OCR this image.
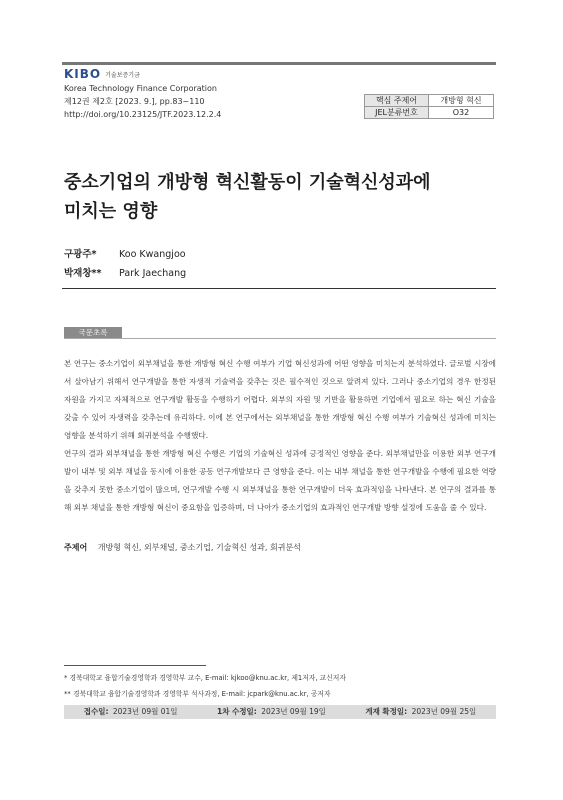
KIBO 기술보증기금
Korea Technology Finance Corporation
제12권 제2호 [2023. 9.], pp.83~110
http://doi.org/10.23125/JTF.2023.12.2.4
핵심 주제어	개방형 혁신
JEL분류번호	O32
중소기업의 개방형 혁신활동이 기술혁신성과에
미치는 영향
구광주* Koo Kwangjoo
박재창** Park Jaechang
국문초록

본 연구는 중소기업이 외부채널을 통한 개방형 혁신 수행 여부가 기업 혁신성과에 어떤 영향을 미치는지 분석하였다. 글로벌 시장에서 살아남기 위해서 연구개발을 통한 자생적 기술력을 갖추는 것은 필수적인 것으로 알려져 있다. 그러나 중소기업의 경우 한정된 자원을 가지고 자체적으로 연구개발 활동을 수행하기 어렵다. 외부의 자원 및 기반을 활용하면 기업에서 필요로 하는 혁신 기술을 갖출 수 있어 자생력을 갖추는데 유리하다. 이에 본 연구에서는 외부채널을 통한 개방형 혁신 수행 여부가 기술혁신 성과에 미치는 영향을 분석하기 위해 회귀분석을 수행했다.

연구의 결과 외부채널을 통한 개방형 혁신 수행은 기업의 기술혁신 성과에 긍정적인 영향을 준다. 외부채널만을 이용한 외부 연구개발이 내부 및 외부 채널을 동시에 이용한 공동 연구개발보다 큰 영향을 준다. 이는 내부 채널을 통한 연구개발을 수행에 필요한 역량을 갖추지 못한 중소기업이 많으며, 연구개발 수행 시 외부채널을 통한 연구개발이 더욱 효과적임을 나타낸다. 본 연구의 결과를 통해 외부 채널을 통한 개방형 혁신이 중요함을 입증하며, 더 나아가 중소기업의 효과적인 연구개발 방향 설정에 도움을 줄 수 있다.

주제어 개방형 혁신, 외부채널, 중소기업, 기술혁신 성과, 회귀분석
* 경북대학교 융합기술경영학과 경영학부 교수, E-mail: kjkoo@knu.ac.kr, 제1저자, 교신저자
** 경북대학교 융합기술경영학과 경영학부 석사과정, E-mail: jcpark@knu.ac.kr, 공저자
접수일: 2023년 09월 01일	1차 수정일: 2023년 09월 19일	게재 확정일: 2023년 09월 25일
